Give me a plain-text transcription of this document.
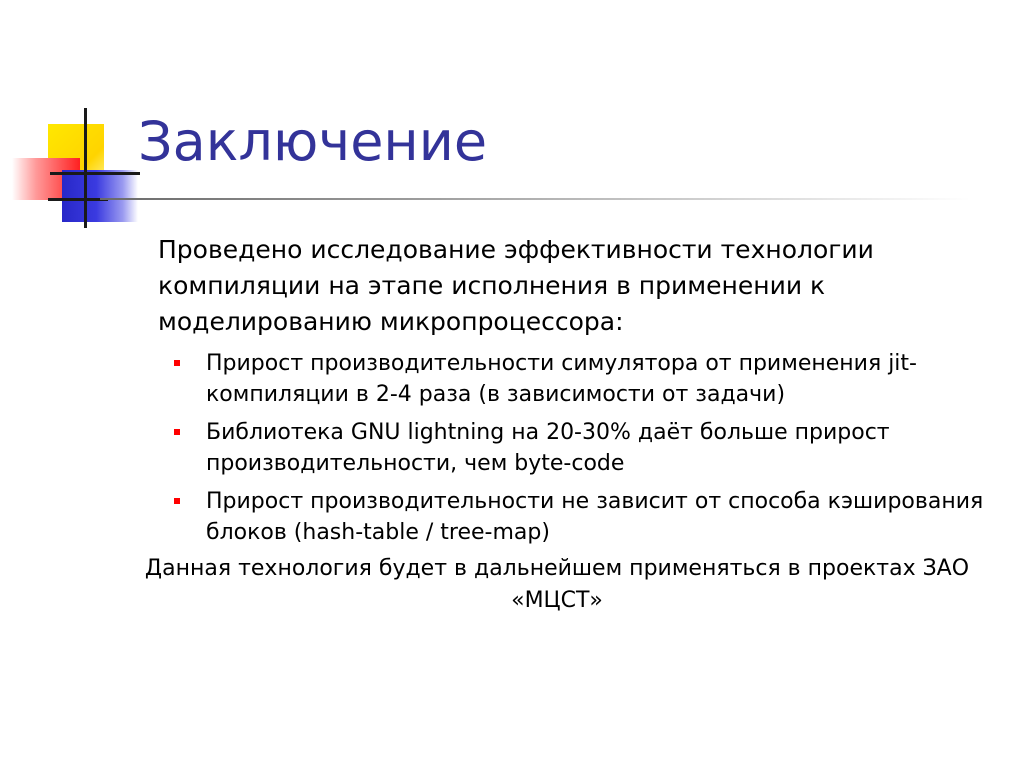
Заключение

Проведено исследование эффективности технологии компиляции на этапе исполнения в применении к моделированию микропроцессора:

Прирост производительности симулятора от применения jit-компиляции в 2-4 раза (в зависимости от задачи)
Библиотека GNU lightning на 20-30% даёт больше прирост производительности, чем byte-code
Прирост производительности не зависит от способа кэширования блоков (hash-table / tree-map)

Данная технология будет в дальнейшем применяться в проектах ЗАО «МЦСТ»
